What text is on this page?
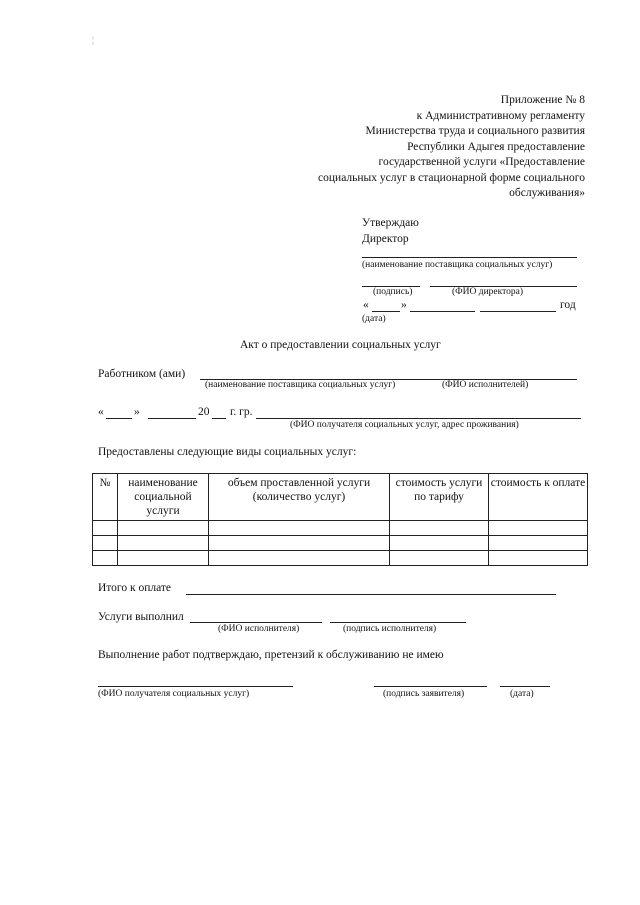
¦
Приложение № 8
к Административному регламенту
Министерства труда и социального развития
Республики Адыгея предоставление
государственной услуги «Предоставление
социальных услуг в стационарной форме социального
обслуживания»
Утверждаю
Директор
(наименование поставщика социальных услуг)
(подпись)	(ФИО директора)
«	»	год
(дата)
Акт о предоставлении социальных услуг
Работником (ами)
(наименование поставщика социальных услуг)	(ФИО исполнителей)
«	»	20 г. гр.
(ФИО получателя социальных услуг, адрес проживания)
Предоставлены следующие виды социальных услуг:
№	наименование социальной услуги	объем проставленной услуги (количество услуг)	стоимость услуги по тарифу	стоимость к оплате

Итого к оплате
Услуги выполнил
(ФИО исполнителя)	(подпись исполнителя)
Выполнение работ подтверждаю, претензий к обслуживанию не имею
(ФИО получателя социальных услуг)	(подпись заявителя)	(дата)
